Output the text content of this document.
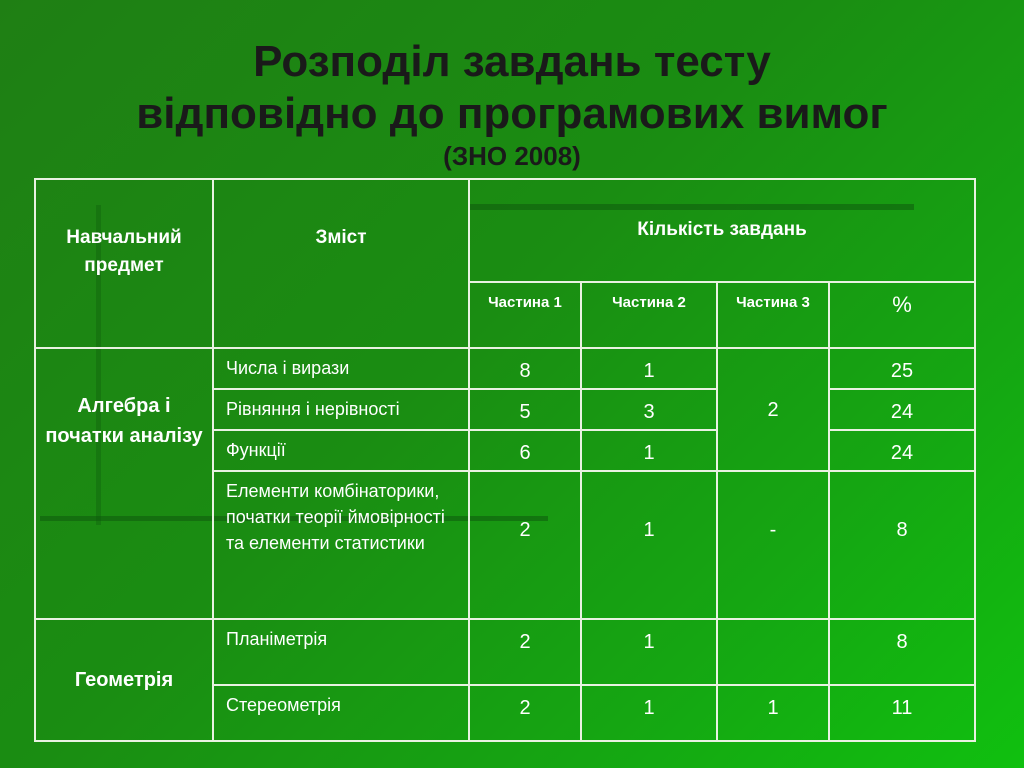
Розподіл завдань тесту
відповідно до програмових вимог
(ЗНО 2008)
Навчальний предмет	Зміст	Кількість завдань			

		Частина 1	Частина 2	Частина 3	%

Алгебра і початки аналізу	Числа і вирази	8	1	2	25

	Рівняння і нерівності	5	3		24

	Функції	6	1		24

	Елементи комбінаторики, початки теорії ймовірності та елементи статистики	2	1	-	8

Геометрія	Планіметрія	2	1		8

	Стереометрія	2	1	1	11
